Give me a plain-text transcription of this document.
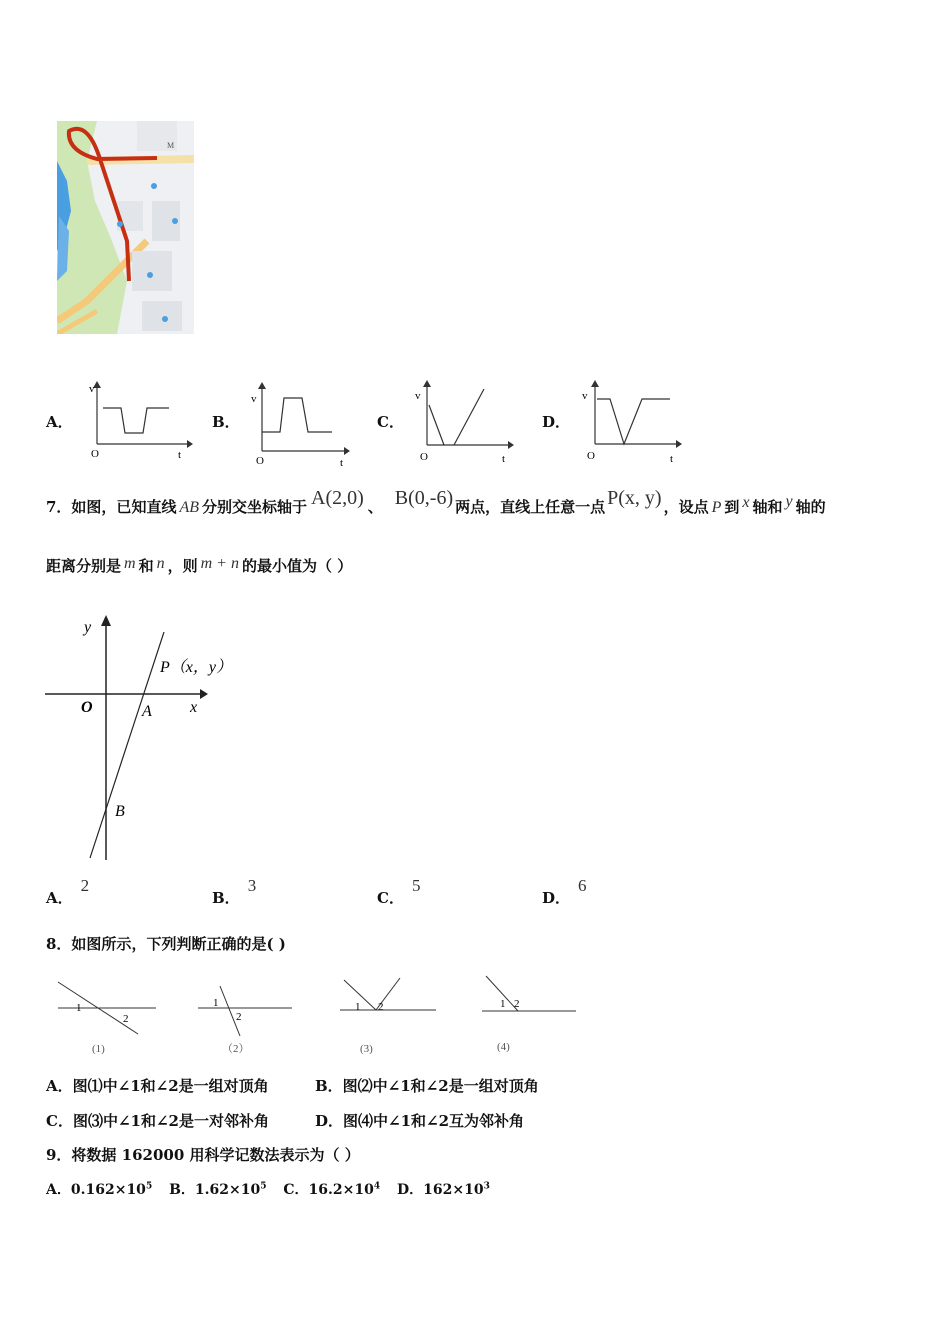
M
A．
v
O	t
B．
v
O	t
C．
v
O	t
D．
v
O	t
7．如图，已知直线 AB 分别交坐标轴于 A(2,0) 、 B(0,-6) 两点，直线上任意一点 P(x, y) ，设点 P 到 x 轴和 y 轴的
距离分别是 m 和 n ，则 m + n 的最小值为（ ）
y
x
O	A
B
P（x，y）
A．2
B．3
C．5
D．6
8．如图所示，下列判断正确的是( )
1
2
(1)
1
2
（2）
1 2
(3)
1 2
(4)
A．图⑴中∠1和∠2是一组对顶角	B．图⑵中∠1和∠2是一组对顶角
C．图⑶中∠1和∠2是一对邻补角	D．图⑷中∠1和∠2互为邻补角
9．将数据 162000 用科学记数法表示为（ ）
A．$0.162\times 10^5$ B．$1.62\times 10^5$ C．$16.2\times 10^4$ D．$162\times 10^3$
